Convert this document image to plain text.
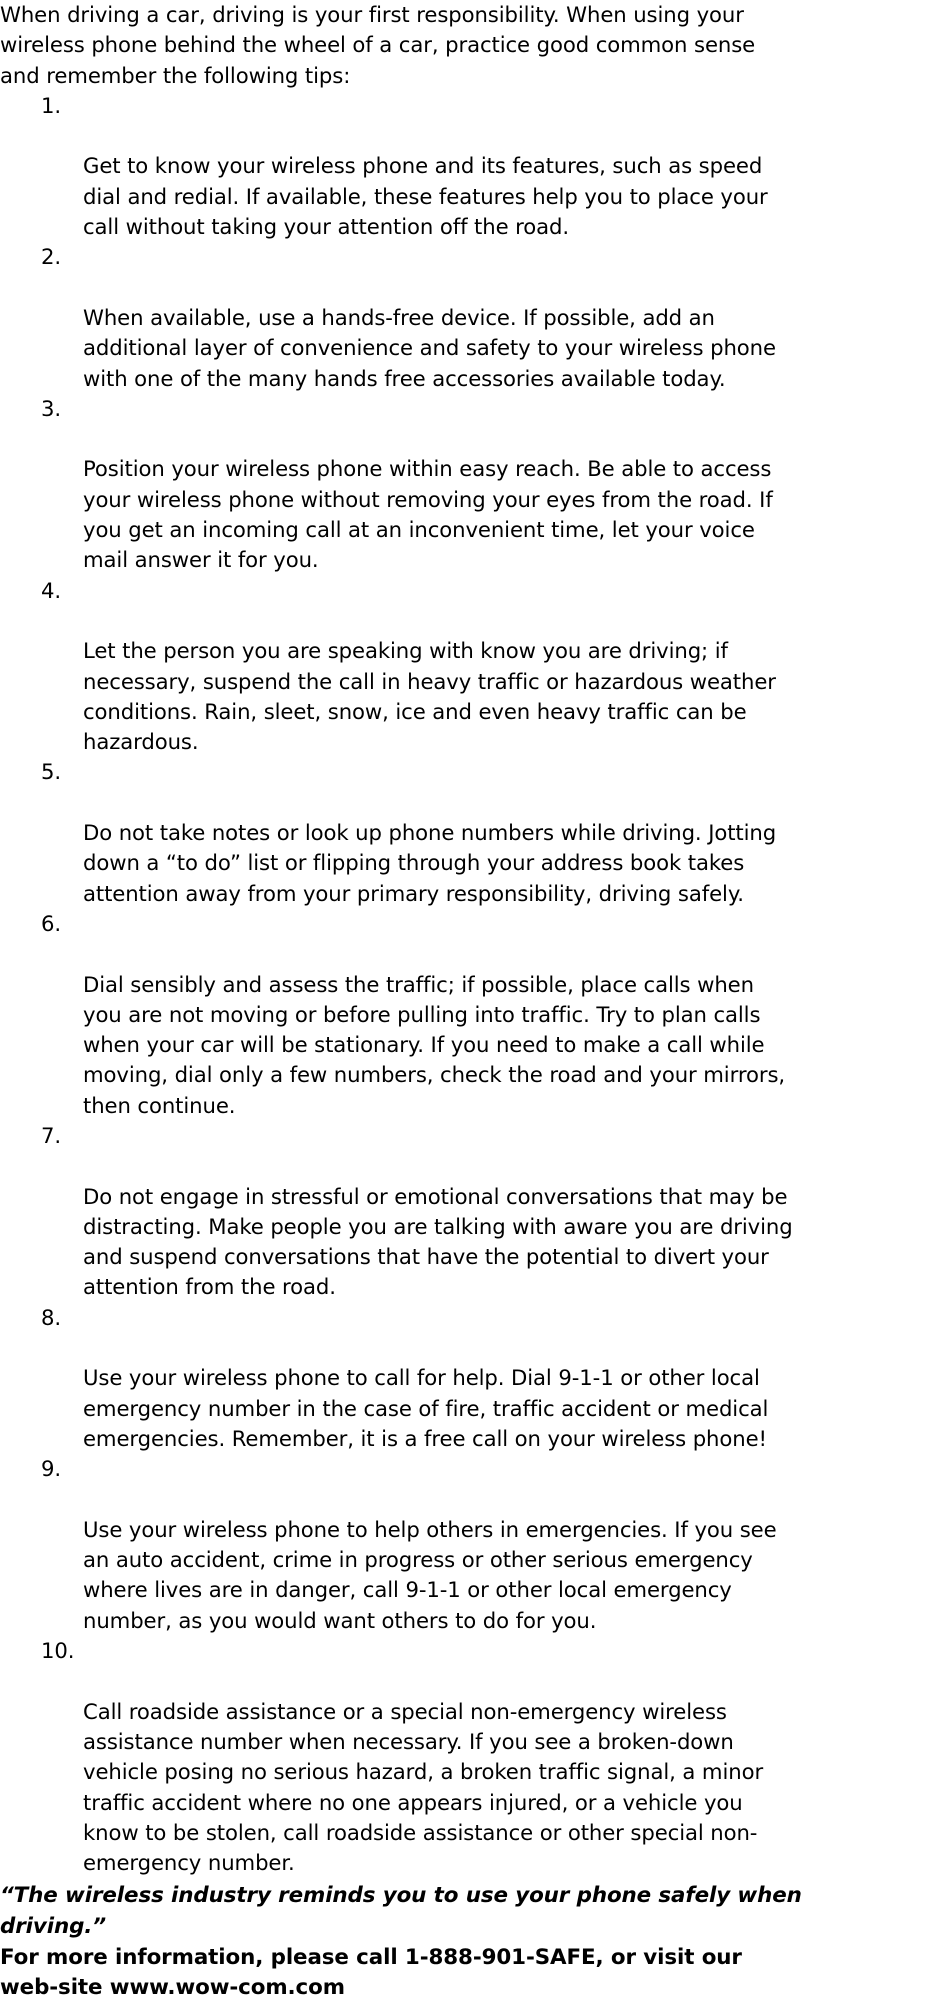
When driving a car, driving is your first responsibility. When using your
wireless phone behind the wheel of a car, practice good common sense
and remember the following tips:

1.

Get to know your wireless phone and its features, such as speed
dial and redial. If available, these features help you to place your
call without taking your attention off the road.

2.

When available, use a hands-free device. If possible, add an
additional layer of convenience and safety to your wireless phone
with one of the many hands free accessories available today.

3.

Position your wireless phone within easy reach. Be able to access
your wireless phone without removing your eyes from the road. If
you get an incoming call at an inconvenient time, let your voice
mail answer it for you.

4.

Let the person you are speaking with know you are driving; if
necessary, suspend the call in heavy traffic or hazardous weather
conditions. Rain, sleet, snow, ice and even heavy traffic can be
hazardous.

5.

Do not take notes or look up phone numbers while driving. Jotting
down a “to do” list or flipping through your address book takes
attention away from your primary responsibility, driving safely.

6.

Dial sensibly and assess the traffic; if possible, place calls when
you are not moving or before pulling into traffic. Try to plan calls
when your car will be stationary. If you need to make a call while
moving, dial only a few numbers, check the road and your mirrors,
then continue.

7.

Do not engage in stressful or emotional conversations that may be
distracting. Make people you are talking with aware you are driving
and suspend conversations that have the potential to divert your
attention from the road.

8.

Use your wireless phone to call for help. Dial 9-1-1 or other local
emergency number in the case of fire, traffic accident or medical
emergencies. Remember, it is a free call on your wireless phone!

9.

Use your wireless phone to help others in emergencies. If you see
an auto accident, crime in progress or other serious emergency
where lives are in danger, call 9-1-1 or other local emergency
number, as you would want others to do for you.

10.

Call roadside assistance or a special non-emergency wireless
assistance number when necessary. If you see a broken-down
vehicle posing no serious hazard, a broken traffic signal, a minor
traffic accident where no one appears injured, or a vehicle you
know to be stolen, call roadside assistance or other special non-
emergency number.

“The wireless industry reminds you to use your phone safely when
driving.”

For more information, please call 1-888-901-SAFE, or visit our
web-site www.wow-com.com
